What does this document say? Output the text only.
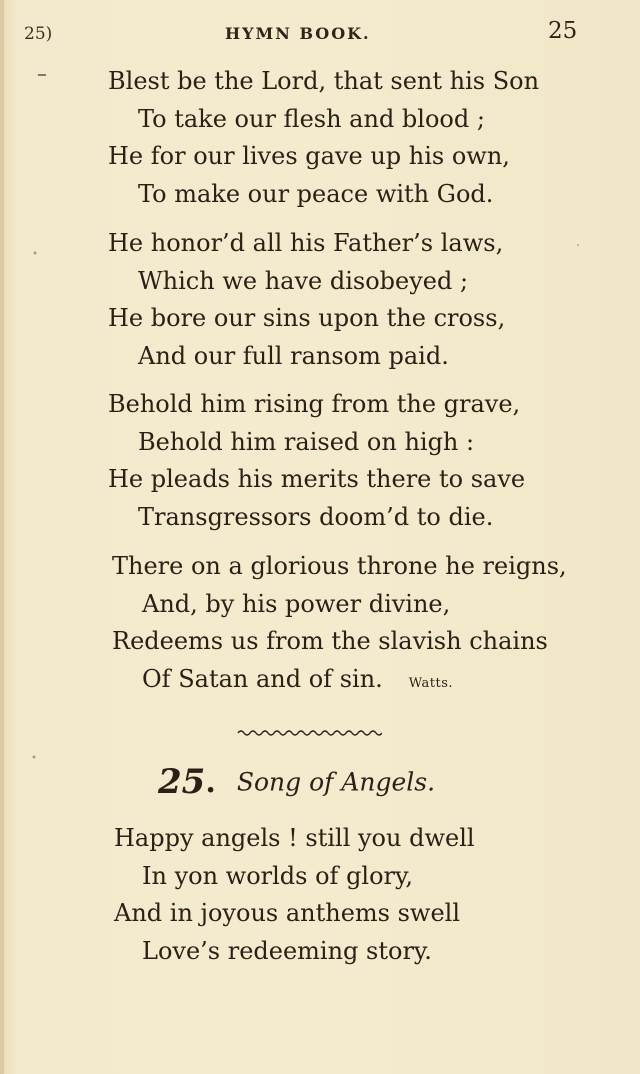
25)	HYMN BOOK.	25
Blest be the Lord, that sent his Son
To take our flesh and blood ;
He for our lives gave up his own,
To make our peace with God.
He honor’d all his Father’s laws,
Which we have disobeyed ;
He bore our sins upon the cross,
And our full ransom paid.
Behold him rising from the grave,
Behold him raised on high :
He pleads his merits there to save
Transgressors doom’d to die.
There on a glorious throne he reigns,
And, by his power divine,
Redeems us from the slavish chains
Of Satan and of sin. Watts.
25. Song of Angels.
Happy angels ! still you dwell
In yon worlds of glory,
And in joyous anthems swell
Love’s redeeming story.
